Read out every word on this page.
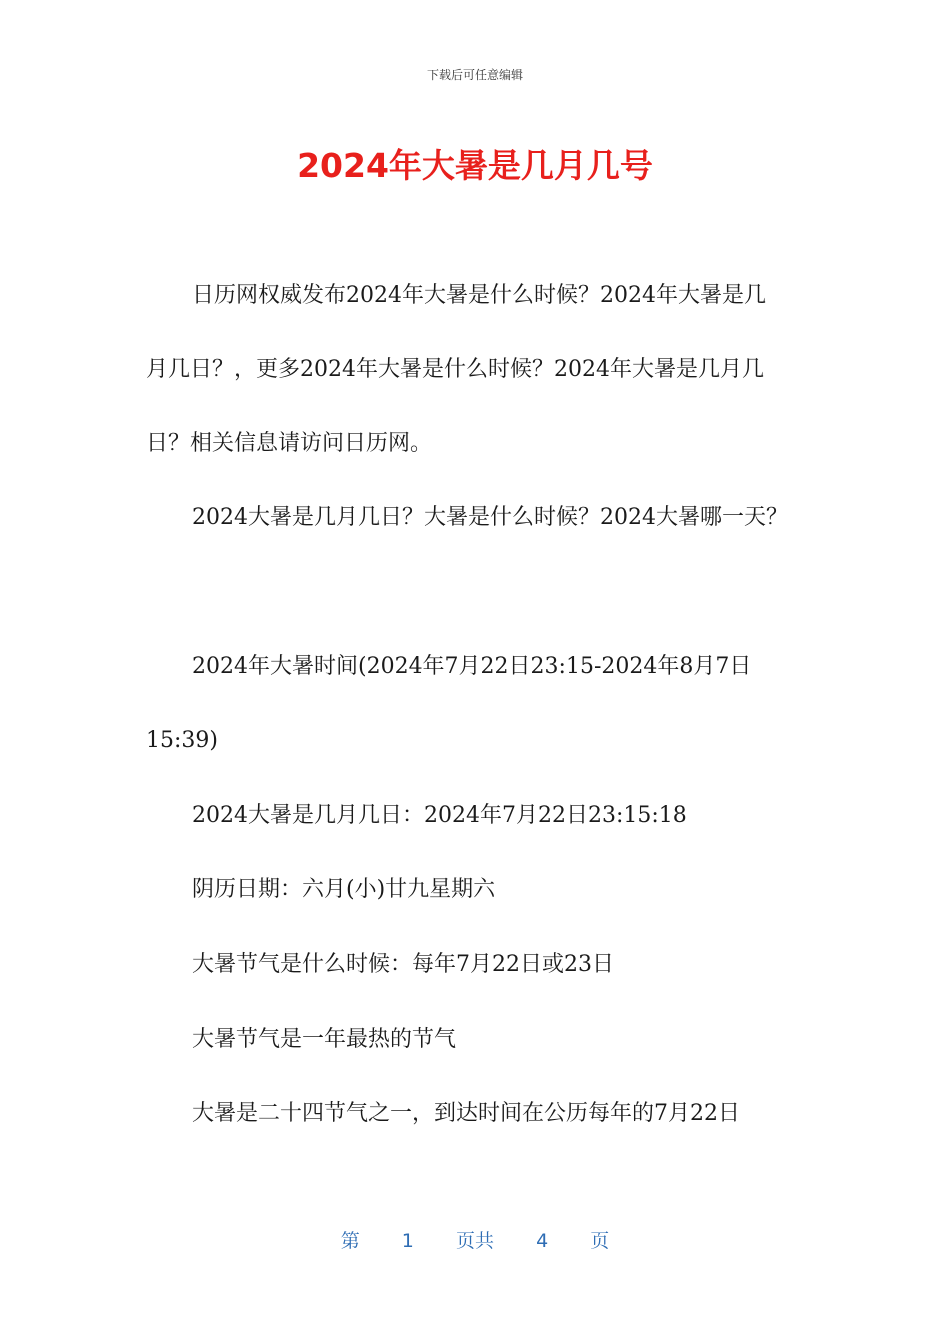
下载后可任意编辑
2024年大暑是几月几号
日历网权威发布2024年大暑是什么时候？2024年大暑是几
月几日？，更多2024年大暑是什么时候？2024年大暑是几月几
日？相关信息请访问日历网。
2024大暑是几月几日？大暑是什么时候？2024大暑哪一天？
2024年大暑时间(2024年7月22日23:15-2024年8月7日
15:39)
2024大暑是几月几日：2024年7月22日23:15:18
阴历日期：六月(小)廿九星期六
大暑节气是什么时候：每年7月22日或23日
大暑节气是一年最热的节气
大暑是二十四节气之一，到达时间在公历每年的7月22日
第 1 页共 4 页
